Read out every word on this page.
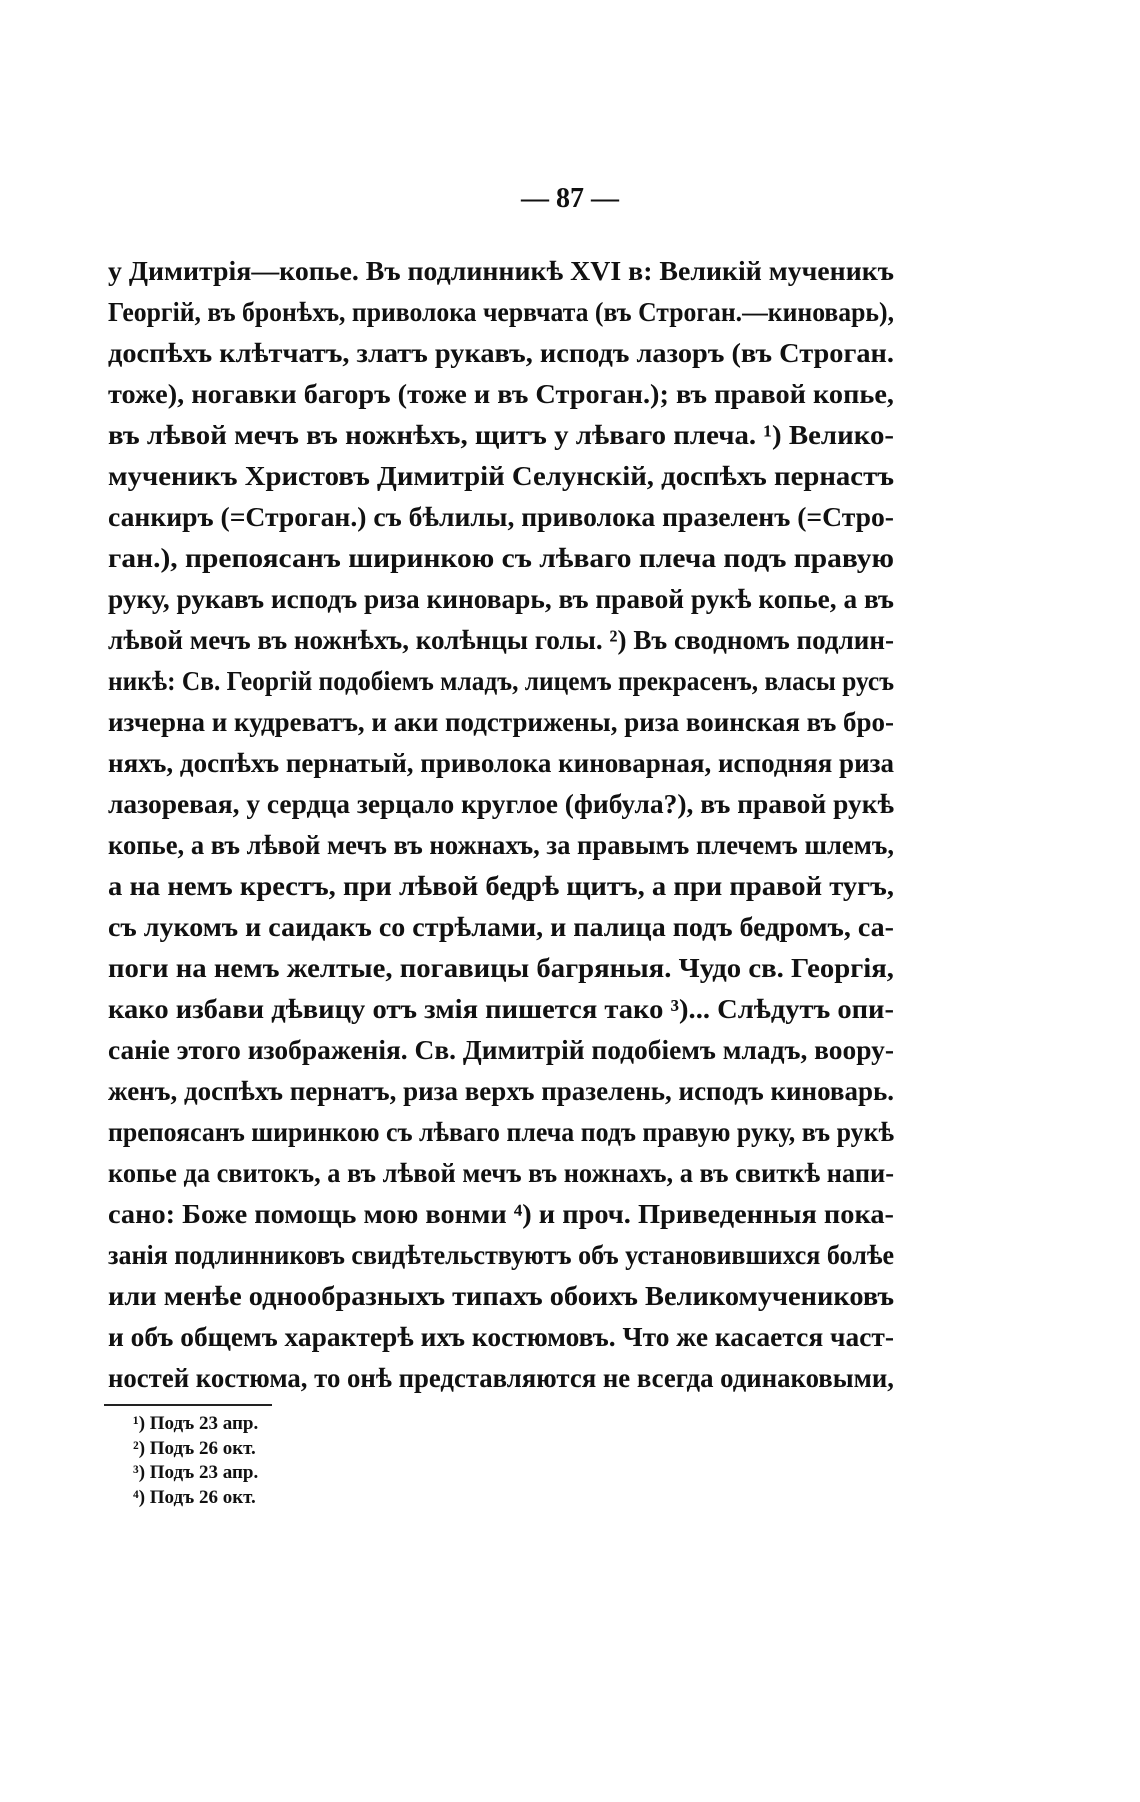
— 87 —
у Димитрія—копье. Въ подлинникѣ XVI в: Великій мученикъ
Георгій, въ бронѣхъ, приволока червчата (въ Строган.—киноварь),
доспѣхъ клѣтчатъ, златъ рукавъ, исподъ лазоръ (въ Строган.
тоже), ногавки багоръ (тоже и въ Строган.); въ правой копье,
въ лѣвой мечъ въ ножнѣхъ, щитъ у лѣваго плеча. ¹) Велико-
мученикъ Христовъ Димитрій Селунскій, доспѣхъ пернастъ
санкиръ (=Строган.) съ бѣлилы, приволока празеленъ (=Стро-
ган.), препоясанъ ширинкою съ лѣваго плеча подъ правую
руку, рукавъ исподъ риза киноварь, въ правой рукѣ копье, а въ
лѣвой мечъ въ ножнѣхъ, колѣнцы голы. ²) Въ сводномъ подлин-
никѣ: Св. Георгій подобіемъ младъ, лицемъ прекрасенъ, власы русъ
изчерна и кудреватъ, и аки подстрижены, риза воинская въ бро-
няхъ, доспѣхъ пернатый, приволока киноварная, исподняя риза
лазоревая, у сердца зерцало круглое (фибула?), въ правой рукѣ
копье, а въ лѣвой мечъ въ ножнахъ, за правымъ плечемъ шлемъ,
а на немъ крестъ, при лѣвой бедрѣ щитъ, а при правой тугъ,
съ лукомъ и саидакъ со стрѣлами, и палица подъ бедромъ, са-
поги на немъ желтые, погавицы багряныя. Чудо св. Георгія,
како избави дѣвицу отъ змія пишется тако ³)... Слѣдутъ опи-
саніе этого изображенія. Св. Димитрій подобіемъ младъ, воору-
женъ, доспѣхъ пернатъ, риза верхъ празелень, исподъ киноварь.
препоясанъ ширинкою съ лѣваго плеча подъ правую руку, въ рукѣ
копье да свитокъ, а въ лѣвой мечъ въ ножнахъ, а въ свиткѣ напи-
сано: Боже помощь мою вонми ⁴) и проч. Приведенныя пока-
занія подлинниковъ свидѣтельствуютъ объ установившихся болѣе
или менѣе однообразныхъ типахъ обоихъ Великомучениковъ
и объ общемъ характерѣ ихъ костюмовъ. Что же касается част-
ностей костюма, то онѣ представляются не всегда одинаковыми,
¹) Подъ 23 апр.
²) Подъ 26 окт.
³) Подъ 23 апр.
⁴) Подъ 26 окт.
